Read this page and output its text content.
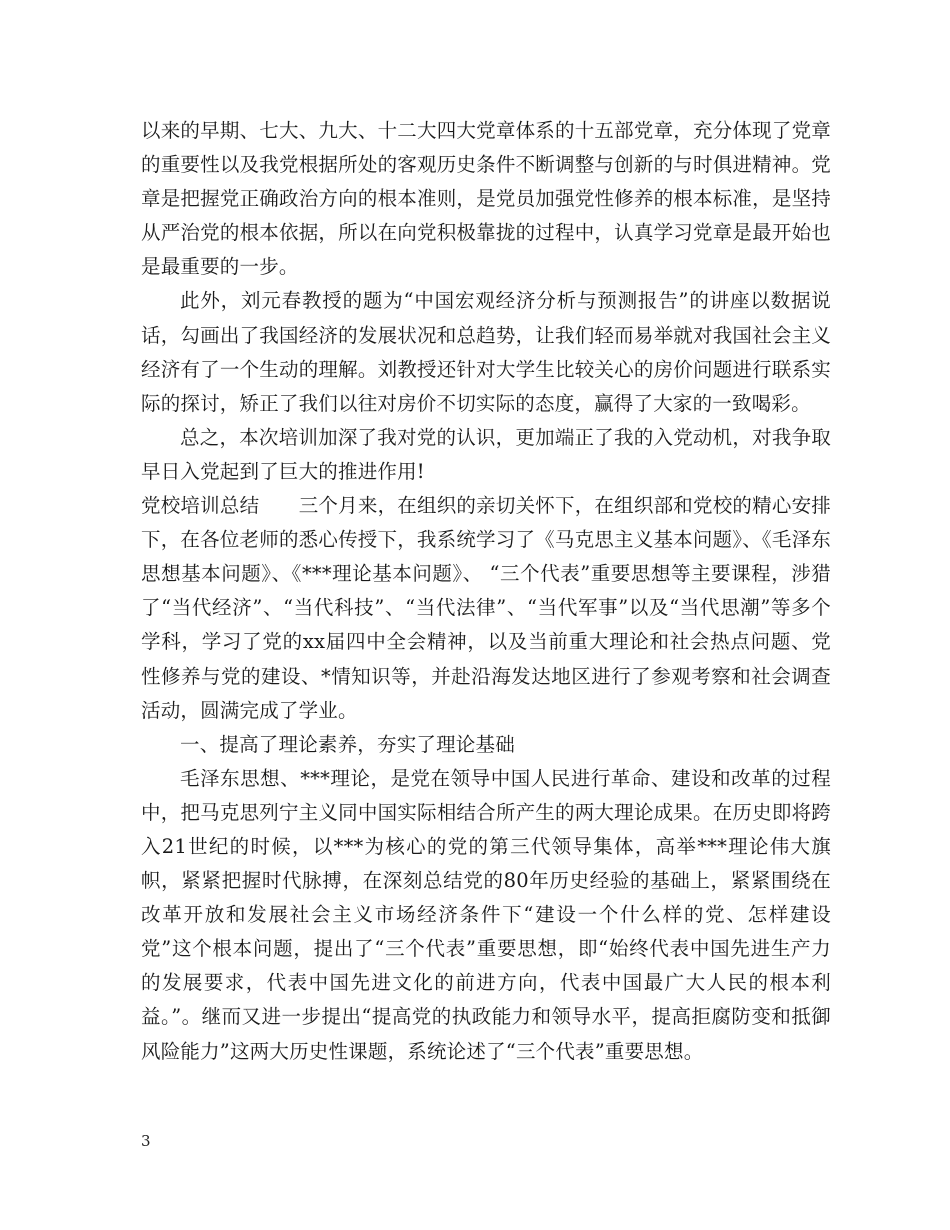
以来的早期、七大、九大、十二大四大党章体系的十五部党章，充分体现了党章的重要性以及我党根据所处的客观历史条件不断调整与创新的与时俱进精神。党章是把握党正确政治方向的根本准则，是党员加强党性修养的根本标准，是坚持从严治党的根本依据，所以在向党积极靠拢的过程中，认真学习党章是最开始也是最重要的一步。

此外，刘元春教授的题为“中国宏观经济分析与预测报告”的讲座以数据说话，勾画出了我国经济的发展状况和总趋势，让我们轻而易举就对我国社会主义经济有了一个生动的理解。刘教授还针对大学生比较关心的房价问题进行联系实际的探讨，矫正了我们以往对房价不切实际的态度，赢得了大家的一致喝彩。

总之，本次培训加深了我对党的认识，更加端正了我的入党动机，对我争取早日入党起到了巨大的推进作用!

党校培训总结　　三个月来，在组织的亲切关怀下，在组织部和党校的精心安排下，在各位老师的悉心传授下，我系统学习了《马克思主义基本问题》、《毛泽东思想基本问题》、《***理论基本问题》、 “三个代表”重要思想等主要课程，涉猎了“当代经济”、“当代科技”、“当代法律”、“当代军事”以及“当代思潮”等多个学科，学习了党的xx届四中全会精神，以及当前重大理论和社会热点问题、党性修养与党的建设、*情知识等，并赴沿海发达地区进行了参观考察和社会调查活动，圆满完成了学业。

一、提高了理论素养，夯实了理论基础

毛泽东思想、***理论，是党在领导中国人民进行革命、建设和改革的过程中，把马克思列宁主义同中国实际相结合所产生的两大理论成果。在历史即将跨入21世纪的时候，以***为核心的党的第三代领导集体，高举***理论伟大旗帜，紧紧把握时代脉搏，在深刻总结党的80年历史经验的基础上，紧紧围绕在改革开放和发展社会主义市场经济条件下“建设一个什么样的党、怎样建设党”这个根本问题，提出了“三个代表”重要思想，即“始终代表中国先进生产力的发展要求，代表中国先进文化的前进方向，代表中国最广大人民的根本利益。”。继而又进一步提出“提高党的执政能力和领导水平，提高拒腐防变和抵御风险能力”这两大历史性课题，系统论述了“三个代表”重要思想。

3
